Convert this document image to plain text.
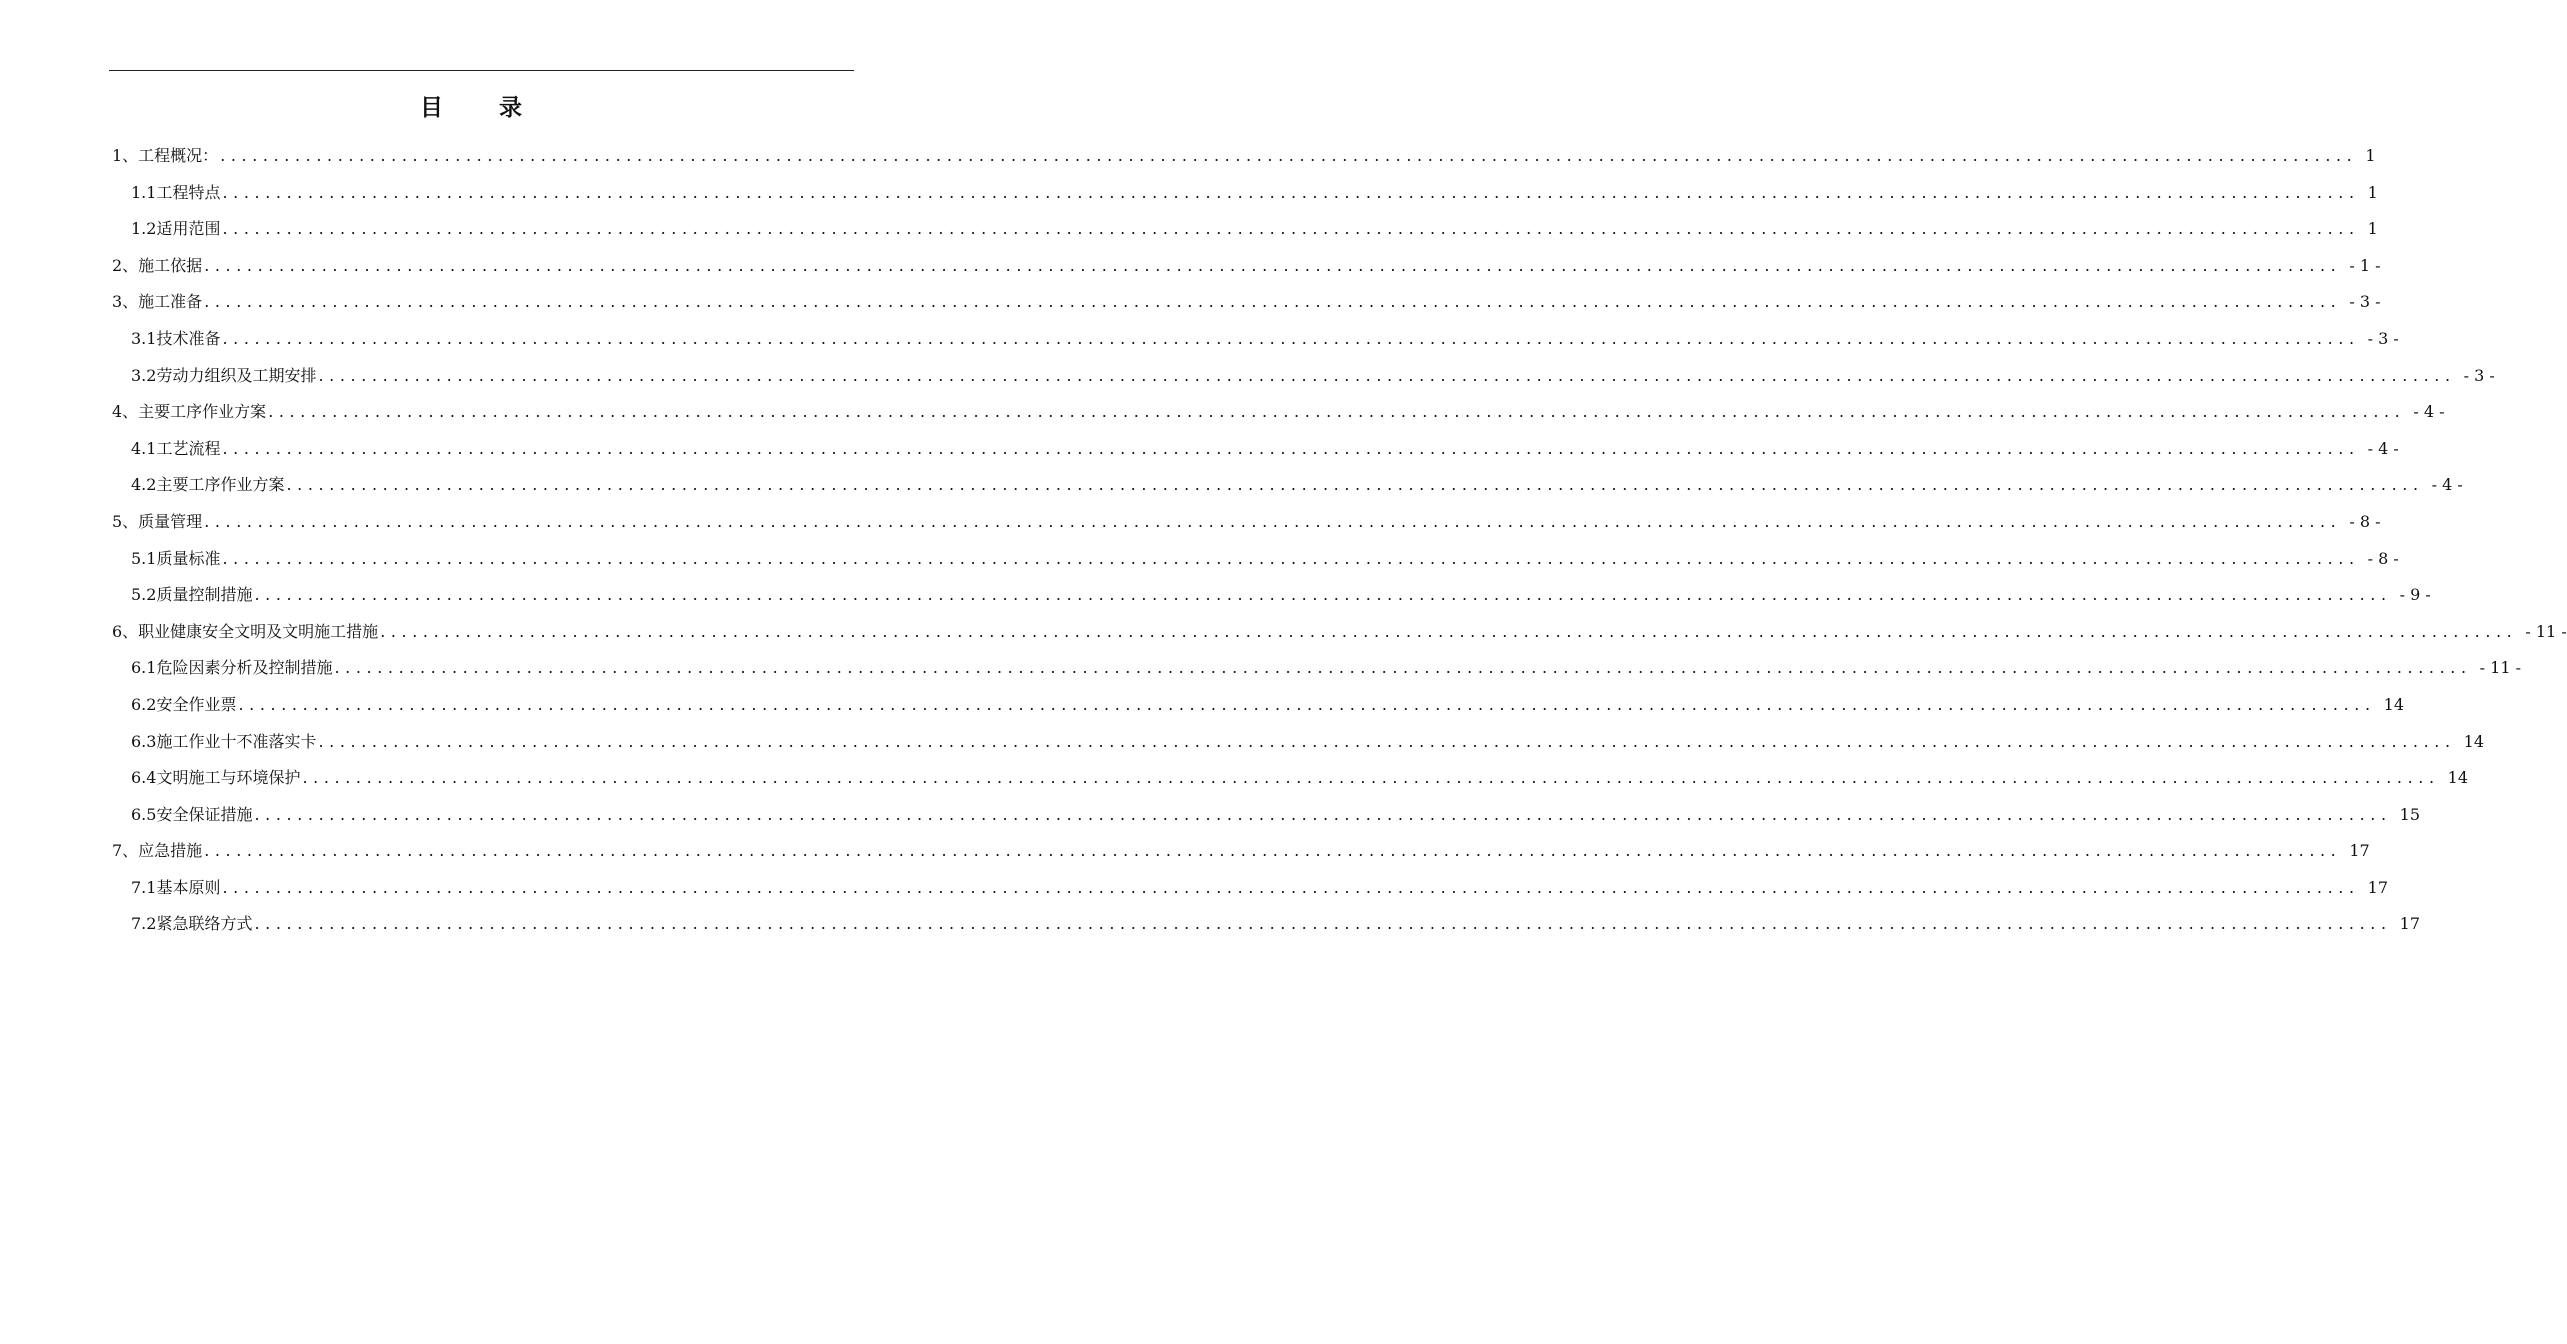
目 录
1、工程概况： ........................................................................................................................................................................................................ 1
1.1工程特点 ........................................................................................................................................................................................................ 1
1.2适用范围 ........................................................................................................................................................................................................ 1
2、施工依据 ........................................................................................................................................................................................................ - 1 -
3、施工准备 ........................................................................................................................................................................................................ - 3 -
3.1技术准备 ........................................................................................................................................................................................................ - 3 -
3.2劳动力组织及工期安排 ........................................................................................................................................................................................................ - 3 -
4、主要工序作业方案 ........................................................................................................................................................................................................ - 4 -
4.1工艺流程 ........................................................................................................................................................................................................ - 4 -
4.2主要工序作业方案 ........................................................................................................................................................................................................ - 4 -
5、质量管理 ........................................................................................................................................................................................................ - 8 -
5.1质量标准 ........................................................................................................................................................................................................ - 8 -
5.2质量控制措施 ........................................................................................................................................................................................................ - 9 -
6、职业健康安全文明及文明施工措施 ........................................................................................................................................................................................................ - 11 -
6.1危险因素分析及控制措施 ........................................................................................................................................................................................................ - 11 -
6.2安全作业票 ........................................................................................................................................................................................................ 14
6.3施工作业十不准落实卡 ........................................................................................................................................................................................................ 14
6.4文明施工与环境保护 ........................................................................................................................................................................................................ 14
6.5安全保证措施 ........................................................................................................................................................................................................ 15
7、应急措施 ........................................................................................................................................................................................................ 17
7.1基本原则 ........................................................................................................................................................................................................ 17
7.2紧急联络方式 ........................................................................................................................................................................................................ 17
